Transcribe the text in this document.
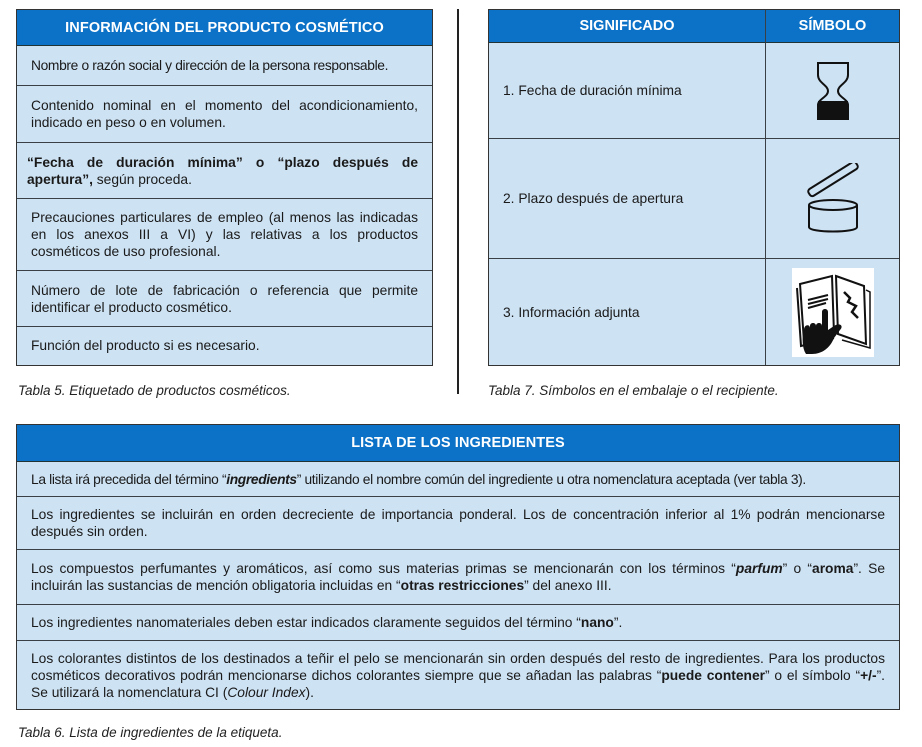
INFORMACIÓN DEL PRODUCTO COSMÉTICO
Nombre o razón social y dirección de la persona responsable.
Contenido nominal en el momento del acondicionamiento, indicado en peso o en volumen.
“Fecha de duración mínima” o “plazo después de apertura”, según proceda.
Precauciones particulares de empleo (al menos las indicadas en los anexos III a VI) y las relativas a los productos cosméticos de uso profesional.
Número de lote de fabricación o referencia que permite identificar el producto cosmético.
Función del producto si es necesario.
Tabla 5. Etiquetado de productos cosméticos.
SIGNIFICADO	SÍMBOLO
1. Fecha de duración mínima
2. Plazo después de apertura
3. Información adjunta
Tabla 7. Símbolos en el embalaje o el recipiente.
LISTA DE LOS INGREDIENTES
La lista irá precedida del término “ingredients” utilizando el nombre común del ingrediente u otra nomenclatura aceptada (ver tabla 3).
Los ingredientes se incluirán en orden decreciente de importancia ponderal. Los de concentración inferior al 1% podrán mencionarse después sin orden.
Los compuestos perfumantes y aromáticos, así como sus materias primas se mencionarán con los términos “parfum” o “aroma”. Se incluirán las sustancias de mención obligatoria incluidas en “otras restricciones” del anexo III.
Los ingredientes nanomateriales deben estar indicados claramente seguidos del término “nano”.
Los colorantes distintos de los destinados a teñir el pelo se mencionarán sin orden después del resto de ingredientes. Para los productos cosméticos decorativos podrán mencionarse dichos colorantes siempre que se añadan las palabras “puede contener” o el símbolo “+/-”. Se utilizará la nomenclatura CI (Colour Index).
Tabla 6. Lista de ingredientes de la etiqueta.
